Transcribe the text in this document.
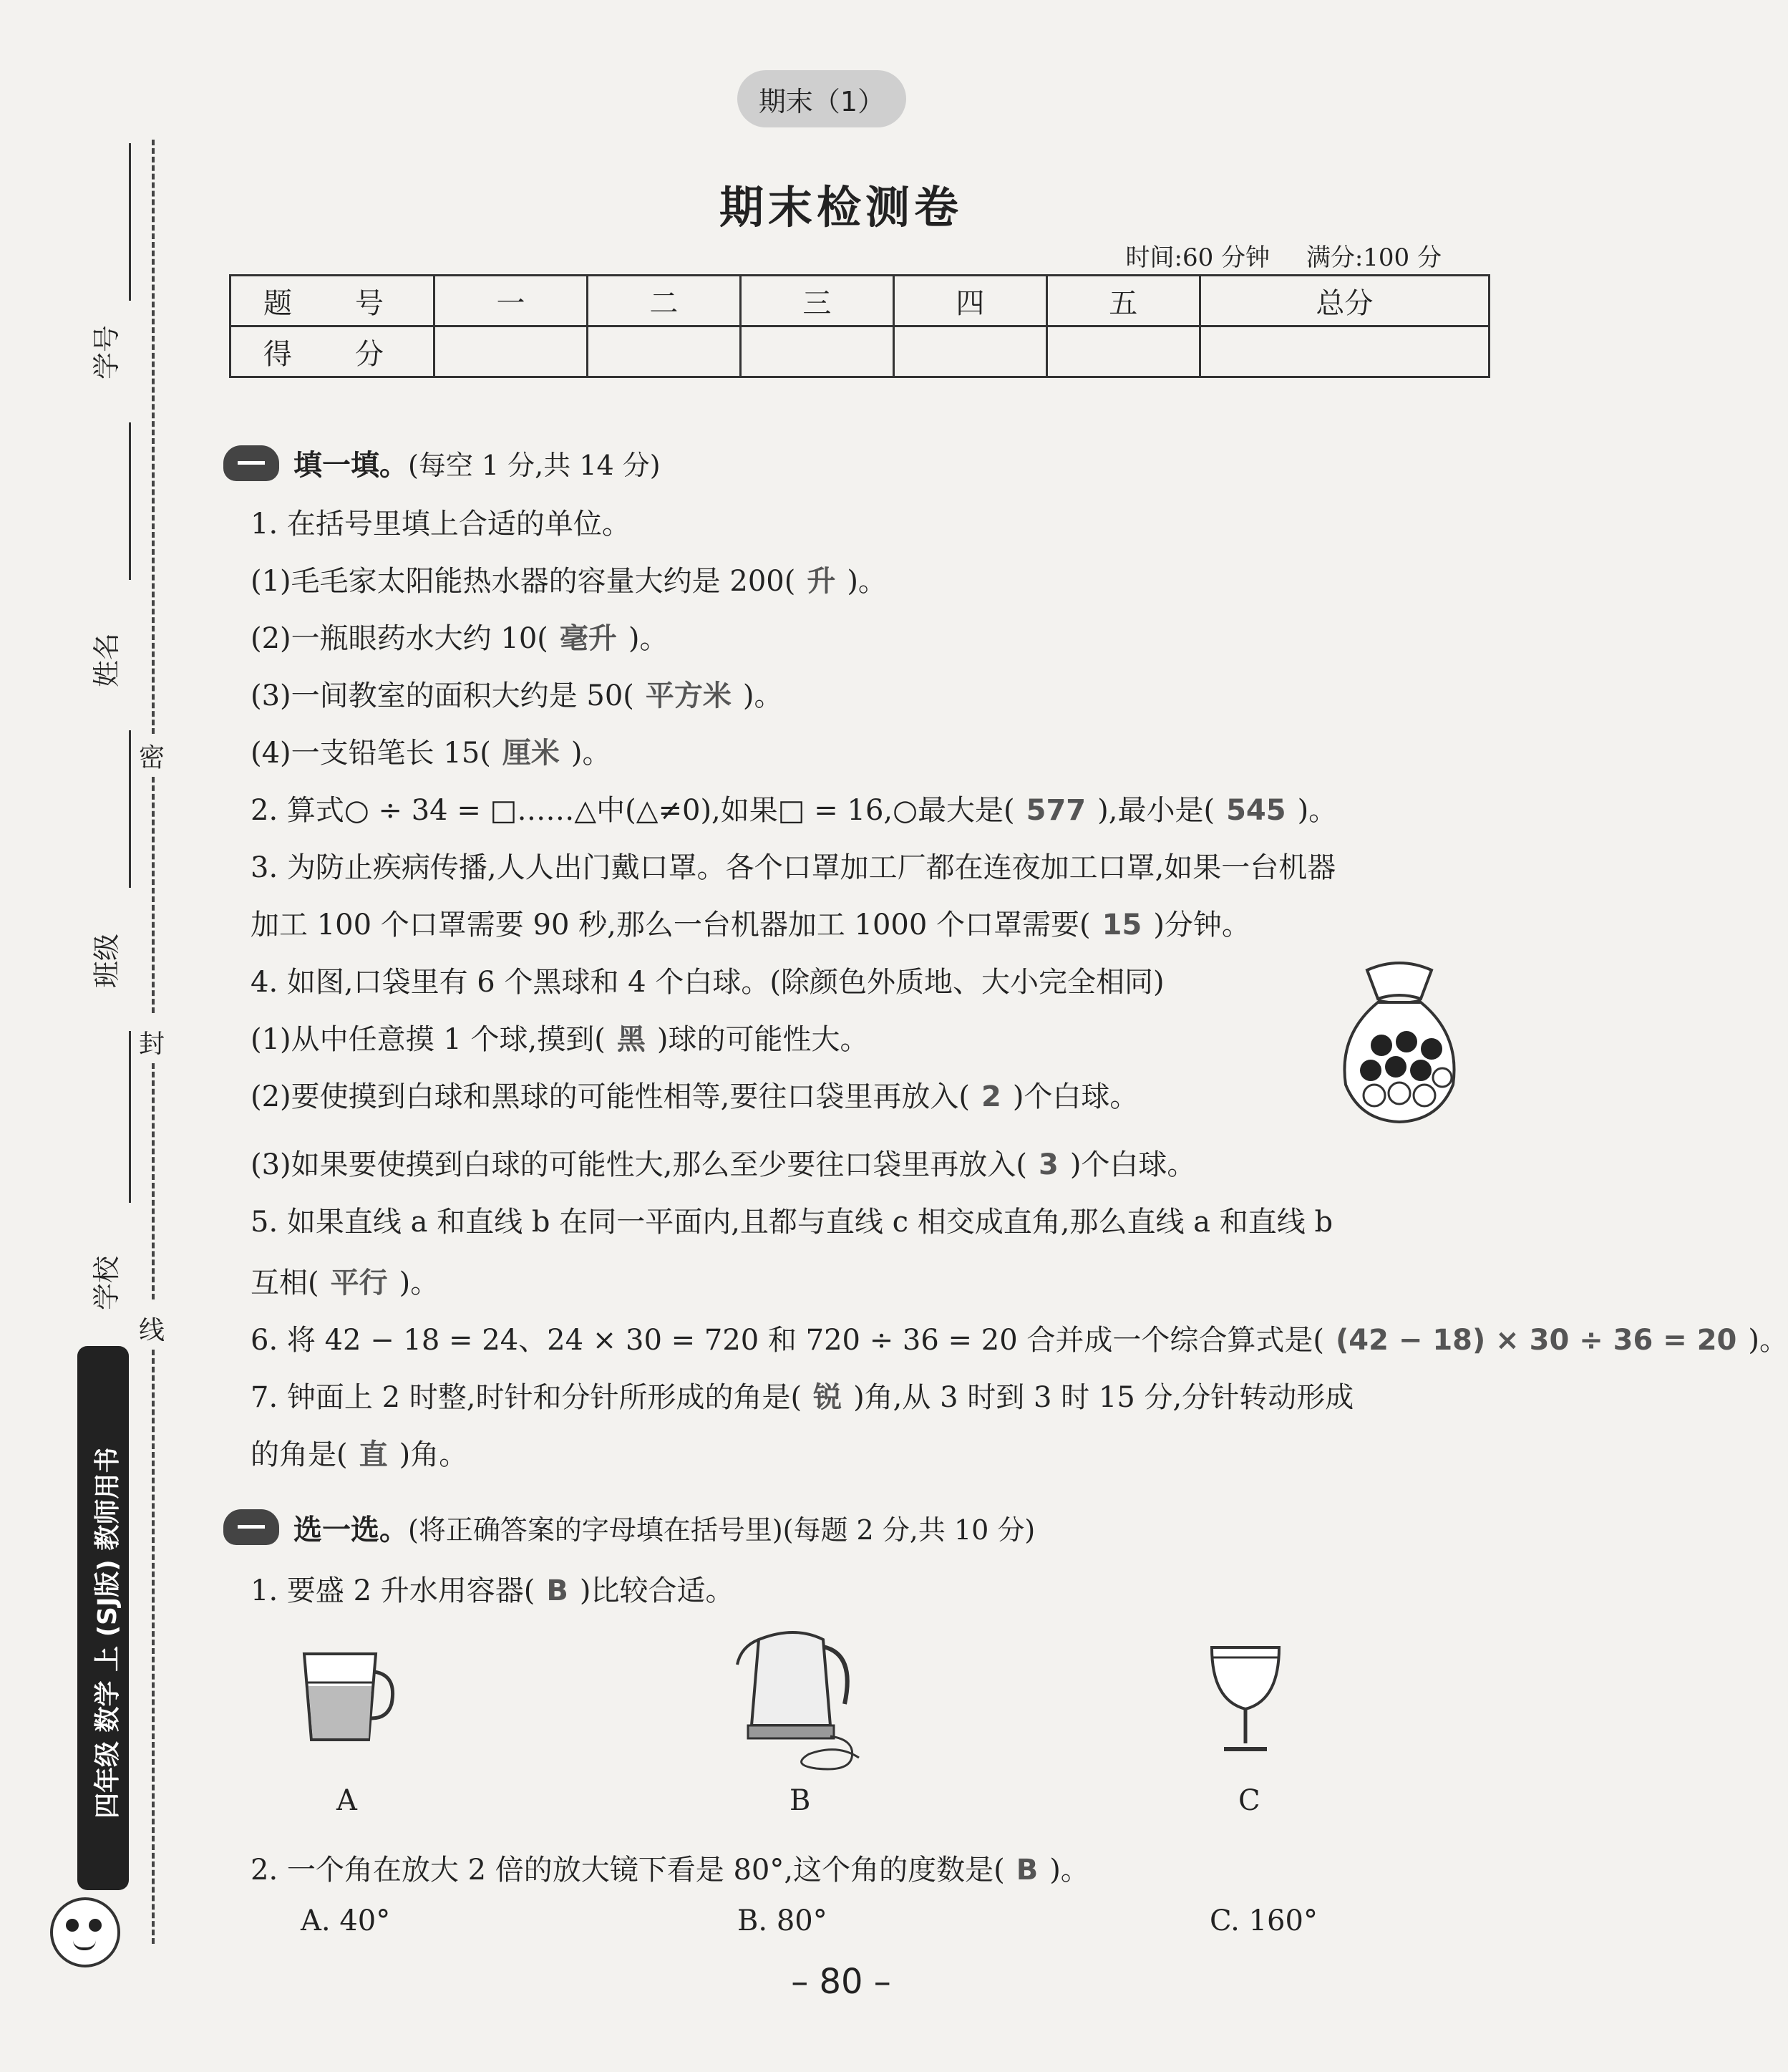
期末（1）
期末检测卷
时间:60 分钟 满分:100 分
题　号	一	二	三	四	五	总分
得　分						
学号
姓名
班级
学校
密
封
线
四年级 数学 上 (SJ版) 教师用书
填一填。(每空 1 分,共 14 分)
1. 在括号里填上合适的单位。
(1)毛毛家太阳能热水器的容量大约是 200( 升 )。
(2)一瓶眼药水大约 10( 毫升 )。
(3)一间教室的面积大约是 50( 平方米 )。
(4)一支铅笔长 15( 厘米 )。
2. 算式○ ÷ 34 = □……△中(△≠0),如果□ = 16,○最大是( 577 ),最小是( 545 )。
3. 为防止疾病传播,人人出门戴口罩。各个口罩加工厂都在连夜加工口罩,如果一台机器
加工 100 个口罩需要 90 秒,那么一台机器加工 1000 个口罩需要( 15 )分钟。
4. 如图,口袋里有 6 个黑球和 4 个白球。(除颜色外质地、大小完全相同)
(1)从中任意摸 1 个球,摸到( 黑 )球的可能性大。
(2)要使摸到白球和黑球的可能性相等,要往口袋里再放入( 2 )个白球。
(3)如果要使摸到白球的可能性大,那么至少要往口袋里再放入( 3 )个白球。
5. 如果直线 a 和直线 b 在同一平面内,且都与直线 c 相交成直角,那么直线 a 和直线 b
互相( 平行 )。
6. 将 42 − 18 = 24、24 × 30 = 720 和 720 ÷ 36 = 20 合并成一个综合算式是( (42 − 18) × 30 ÷ 36 = 20 )。
7. 钟面上 2 时整,时针和分针所形成的角是( 锐 )角,从 3 时到 3 时 15 分,分针转动形成
的角是( 直 )角。
选一选。(将正确答案的字母填在括号里)(每题 2 分,共 10 分)
1. 要盛 2 升水用容器( B )比较合适。
A	B	C
2. 一个角在放大 2 倍的放大镜下看是 80°,这个角的度数是( B )。
A. 40°	B. 80°	C. 160°
– 80 –
